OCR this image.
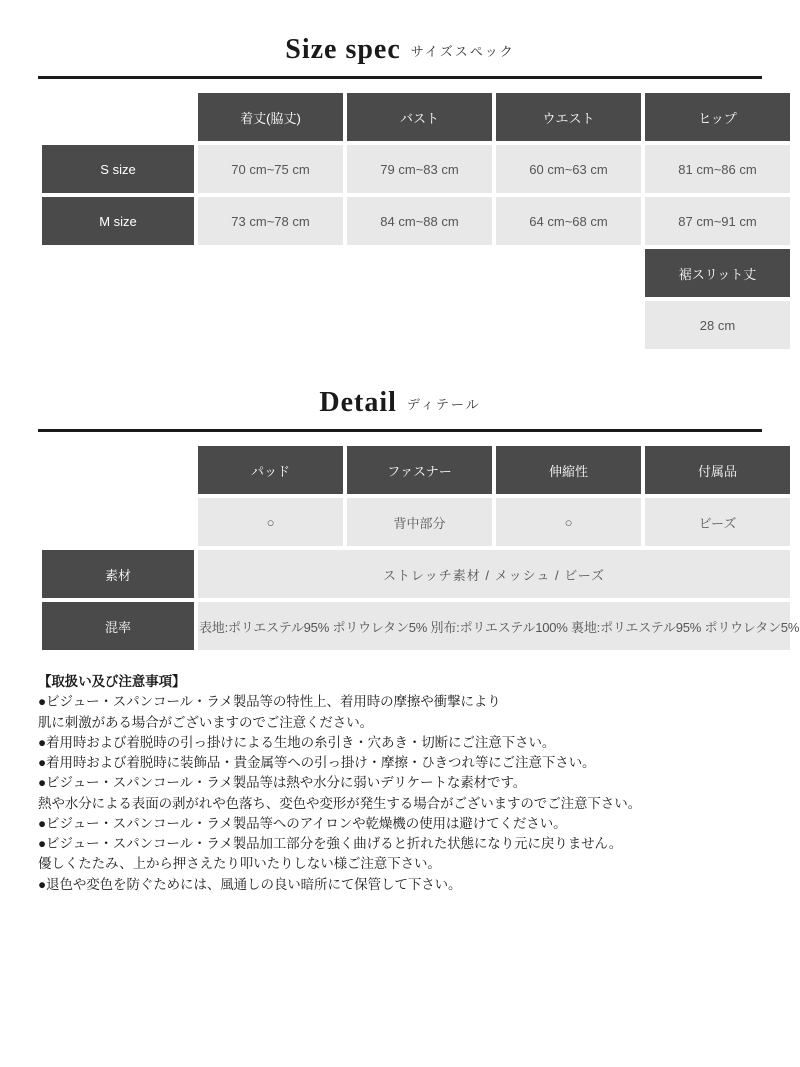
Size spec サイズスペック
	着丈(脇丈)	バスト	ウエスト	ヒップ
S size	70 cm~75 cm	79 cm~83 cm	60 cm~63 cm	81 cm~86 cm
M size	73 cm~78 cm	84 cm~88 cm	64 cm~68 cm	87 cm~91 cm
				裾スリット丈
				28 cm
Detail ディテール
	パッド	ファスナー	伸縮性	付属品
	○	背中部分	○	ビーズ
素材	ストレッチ素材 / メッシュ / ビーズ			
混率	表地:ポリエステル95% ポリウレタン5% 別布:ポリエステル100% 裏地:ポリエステル95% ポリウレタン5%			

【取扱い及び注意事項】

●ビジュー・スパンコール・ラメ製品等の特性上、着用時の摩擦や衝撃により

肌に刺激がある場合がございますのでご注意ください。

●着用時および着脱時の引っ掛けによる生地の糸引き・穴あき・切断にご注意下さい。

●着用時および着脱時に装飾品・貴金属等への引っ掛け・摩擦・ひきつれ等にご注意下さい。

●ビジュー・スパンコール・ラメ製品等は熱や水分に弱いデリケートな素材です。

熱や水分による表面の剥がれや色落ち、変色や変形が発生する場合がございますのでご注意下さい。

●ビジュー・スパンコール・ラメ製品等へのアイロンや乾燥機の使用は避けてください。

●ビジュー・スパンコール・ラメ製品加工部分を強く曲げると折れた状態になり元に戻りません。

優しくたたみ、上から押さえたり叩いたりしない様ご注意下さい。

●退色や変色を防ぐためには、風通しの良い暗所にて保管して下さい。
